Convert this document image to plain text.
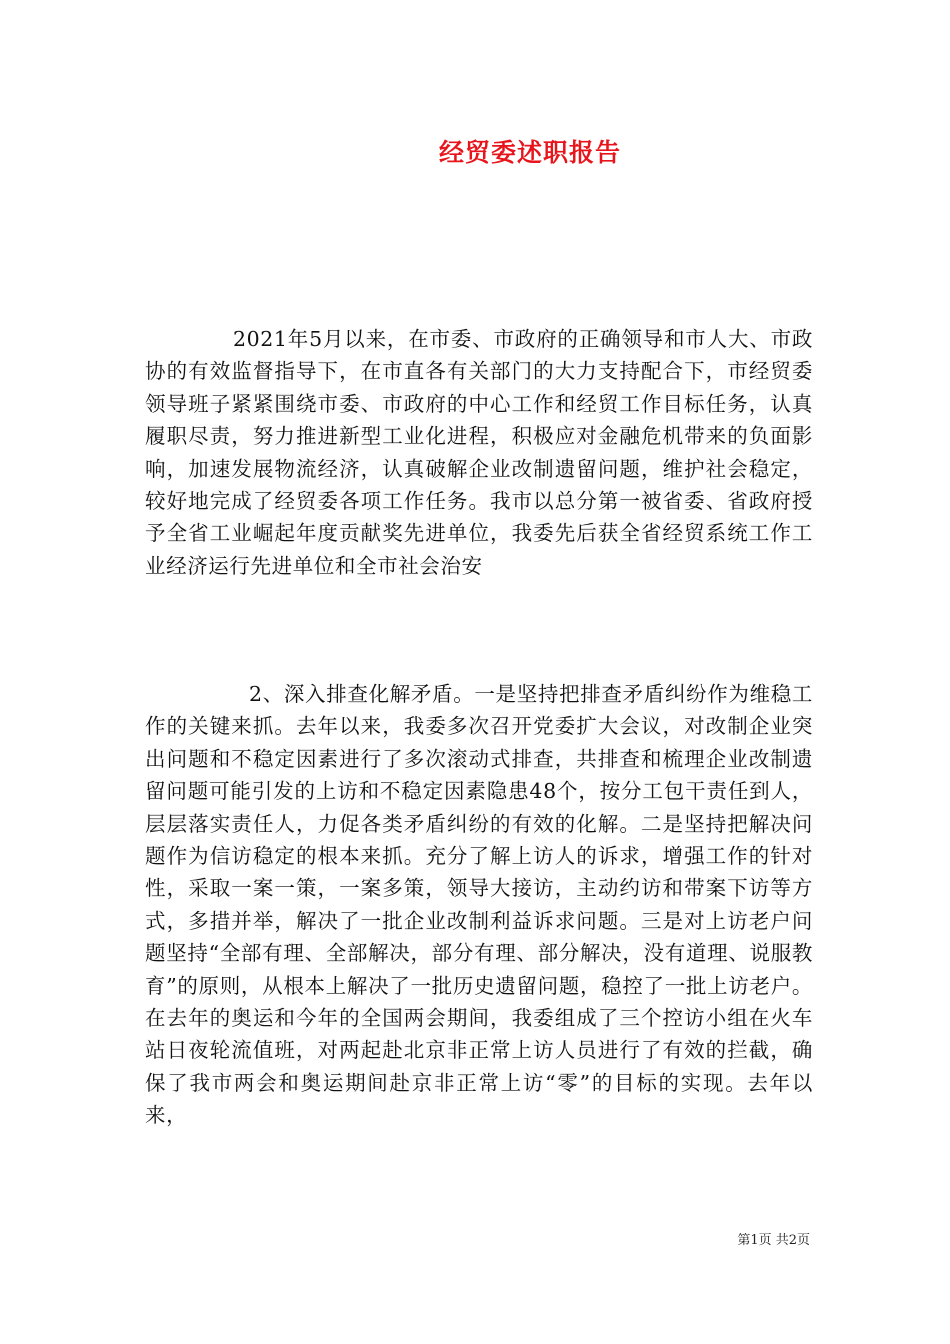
经贸委述职报告

2021年5月以来，在市委、市政府的正确领导和市人大、市政协的有效监督指导下，在市直各有关部门的大力支持配合下，市经贸委领导班子紧紧围绕市委、市政府的中心工作和经贸工作目标任务，认真履职尽责，努力推进新型工业化进程，积极应对金融危机带来的负面影响，加速发展物流经济，认真破解企业改制遗留问题，维护社会稳定，较好地完成了经贸委各项工作任务。我市以总分第一被省委、省政府授予全省工业崛起年度贡献奖先进单位，我委先后获全省经贸系统工作工业经济运行先进单位和全市社会治安

2、深入排查化解矛盾。一是坚持把排查矛盾纠纷作为维稳工作的关键来抓。去年以来，我委多次召开党委扩大会议，对改制企业突出问题和不稳定因素进行了多次滚动式排查，共排查和梳理企业改制遗留问题可能引发的上访和不稳定因素隐患48个，按分工包干责任到人，层层落实责任人，力促各类矛盾纠纷的有效的化解。二是坚持把解决问题作为信访稳定的根本来抓。充分了解上访人的诉求，增强工作的针对性，采取一案一策，一案多策，领导大接访，主动约访和带案下访等方式，多措并举，解决了一批企业改制利益诉求问题。三是对上访老户问题坚持“全部有理、全部解决，部分有理、部分解决，没有道理、说服教育”的原则，从根本上解决了一批历史遗留问题，稳控了一批上访老户。在去年的奥运和今年的全国两会期间，我委组成了三个控访小组在火车站日夜轮流值班，对两起赴北京非正常上访人员进行了有效的拦截，确保了我市两会和奥运期间赴京非正常上访“零”的目标的实现。去年以来，

第1页 共2页
